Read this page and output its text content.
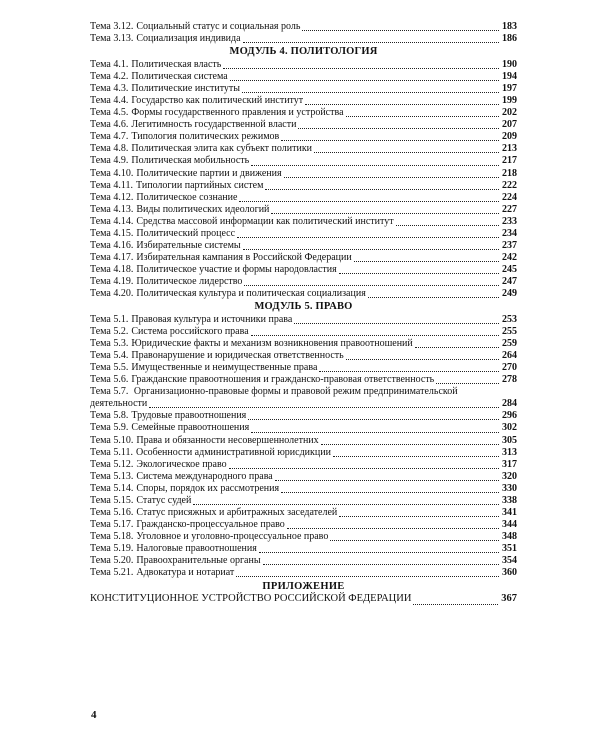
Тема 3.12. Социальный статус и социальная роль	183
Тема 3.13. Социализация индивида	186
МОДУЛЬ 4. ПОЛИТОЛОГИЯ
Тема 4.1. Политическая власть	190
Тема 4.2. Политическая система	194
Тема 4.3. Политические институты	197
Тема 4.4. Государство как политический институт	199
Тема 4.5. Формы государственного правления и устройства	202
Тема 4.6. Легитимность государственной власти	207
Тема 4.7. Типология политических режимов	209
Тема 4.8. Политическая элита как субъект политики	213
Тема 4.9. Политическая мобильность	217
Тема 4.10. Политические партии и движения	218
Тема 4.11. Типологии партийных систем	222
Тема 4.12. Политическое сознание	224
Тема 4.13. Виды политических идеологий	227
Тема 4.14. Средства массовой информации как политический институт	233
Тема 4.15. Политический процесс	234
Тема 4.16. Избирательные системы	237
Тема 4.17. Избирательная кампания в Российской Федерации	242
Тема 4.18. Политическое участие и формы народовластия	245
Тема 4.19. Политическое лидерство	247
Тема 4.20. Политическая культура и политическая социализация	249
МОДУЛЬ 5. ПРАВО
Тема 5.1. Правовая культура и источники права	253
Тема 5.2. Система российского права	255
Тема 5.3. Юридические факты и механизм возникновения правоотношений	259
Тема 5.4. Правонарушение и юридическая ответственность	264
Тема 5.5. Имущественные и неимущественные права	270
Тема 5.6. Гражданские правоотношения и гражданско-правовая ответственность	278
Тема 5.7. Организационно-правовые формы и правовой режим предпринимательской
деятельности	284
Тема 5.8. Трудовые правоотношения	296
Тема 5.9. Семейные правоотношения	302
Тема 5.10. Права и обязанности несовершеннолетних	305
Тема 5.11. Особенности административной юрисдикции	313
Тема 5.12. Экологическое право	317
Тема 5.13. Система международного права	320
Тема 5.14. Споры, порядок их рассмотрения	330
Тема 5.15. Статус судей	338
Тема 5.16. Статус присяжных и арбитражных заседателей	341
Тема 5.17. Гражданско-процессуальное право	344
Тема 5.18. Уголовное и уголовно-процессуальное право	348
Тема 5.19. Налоговые правоотношения	351
Тема 5.20. Правоохранительные органы	354
Тема 5.21. Адвокатура и нотариат	360
ПРИЛОЖЕНИЕ
КОНСТИТУЦИОННОЕ УСТРОЙСТВО РОССИЙСКОЙ ФЕДЕРАЦИИ	367
4
